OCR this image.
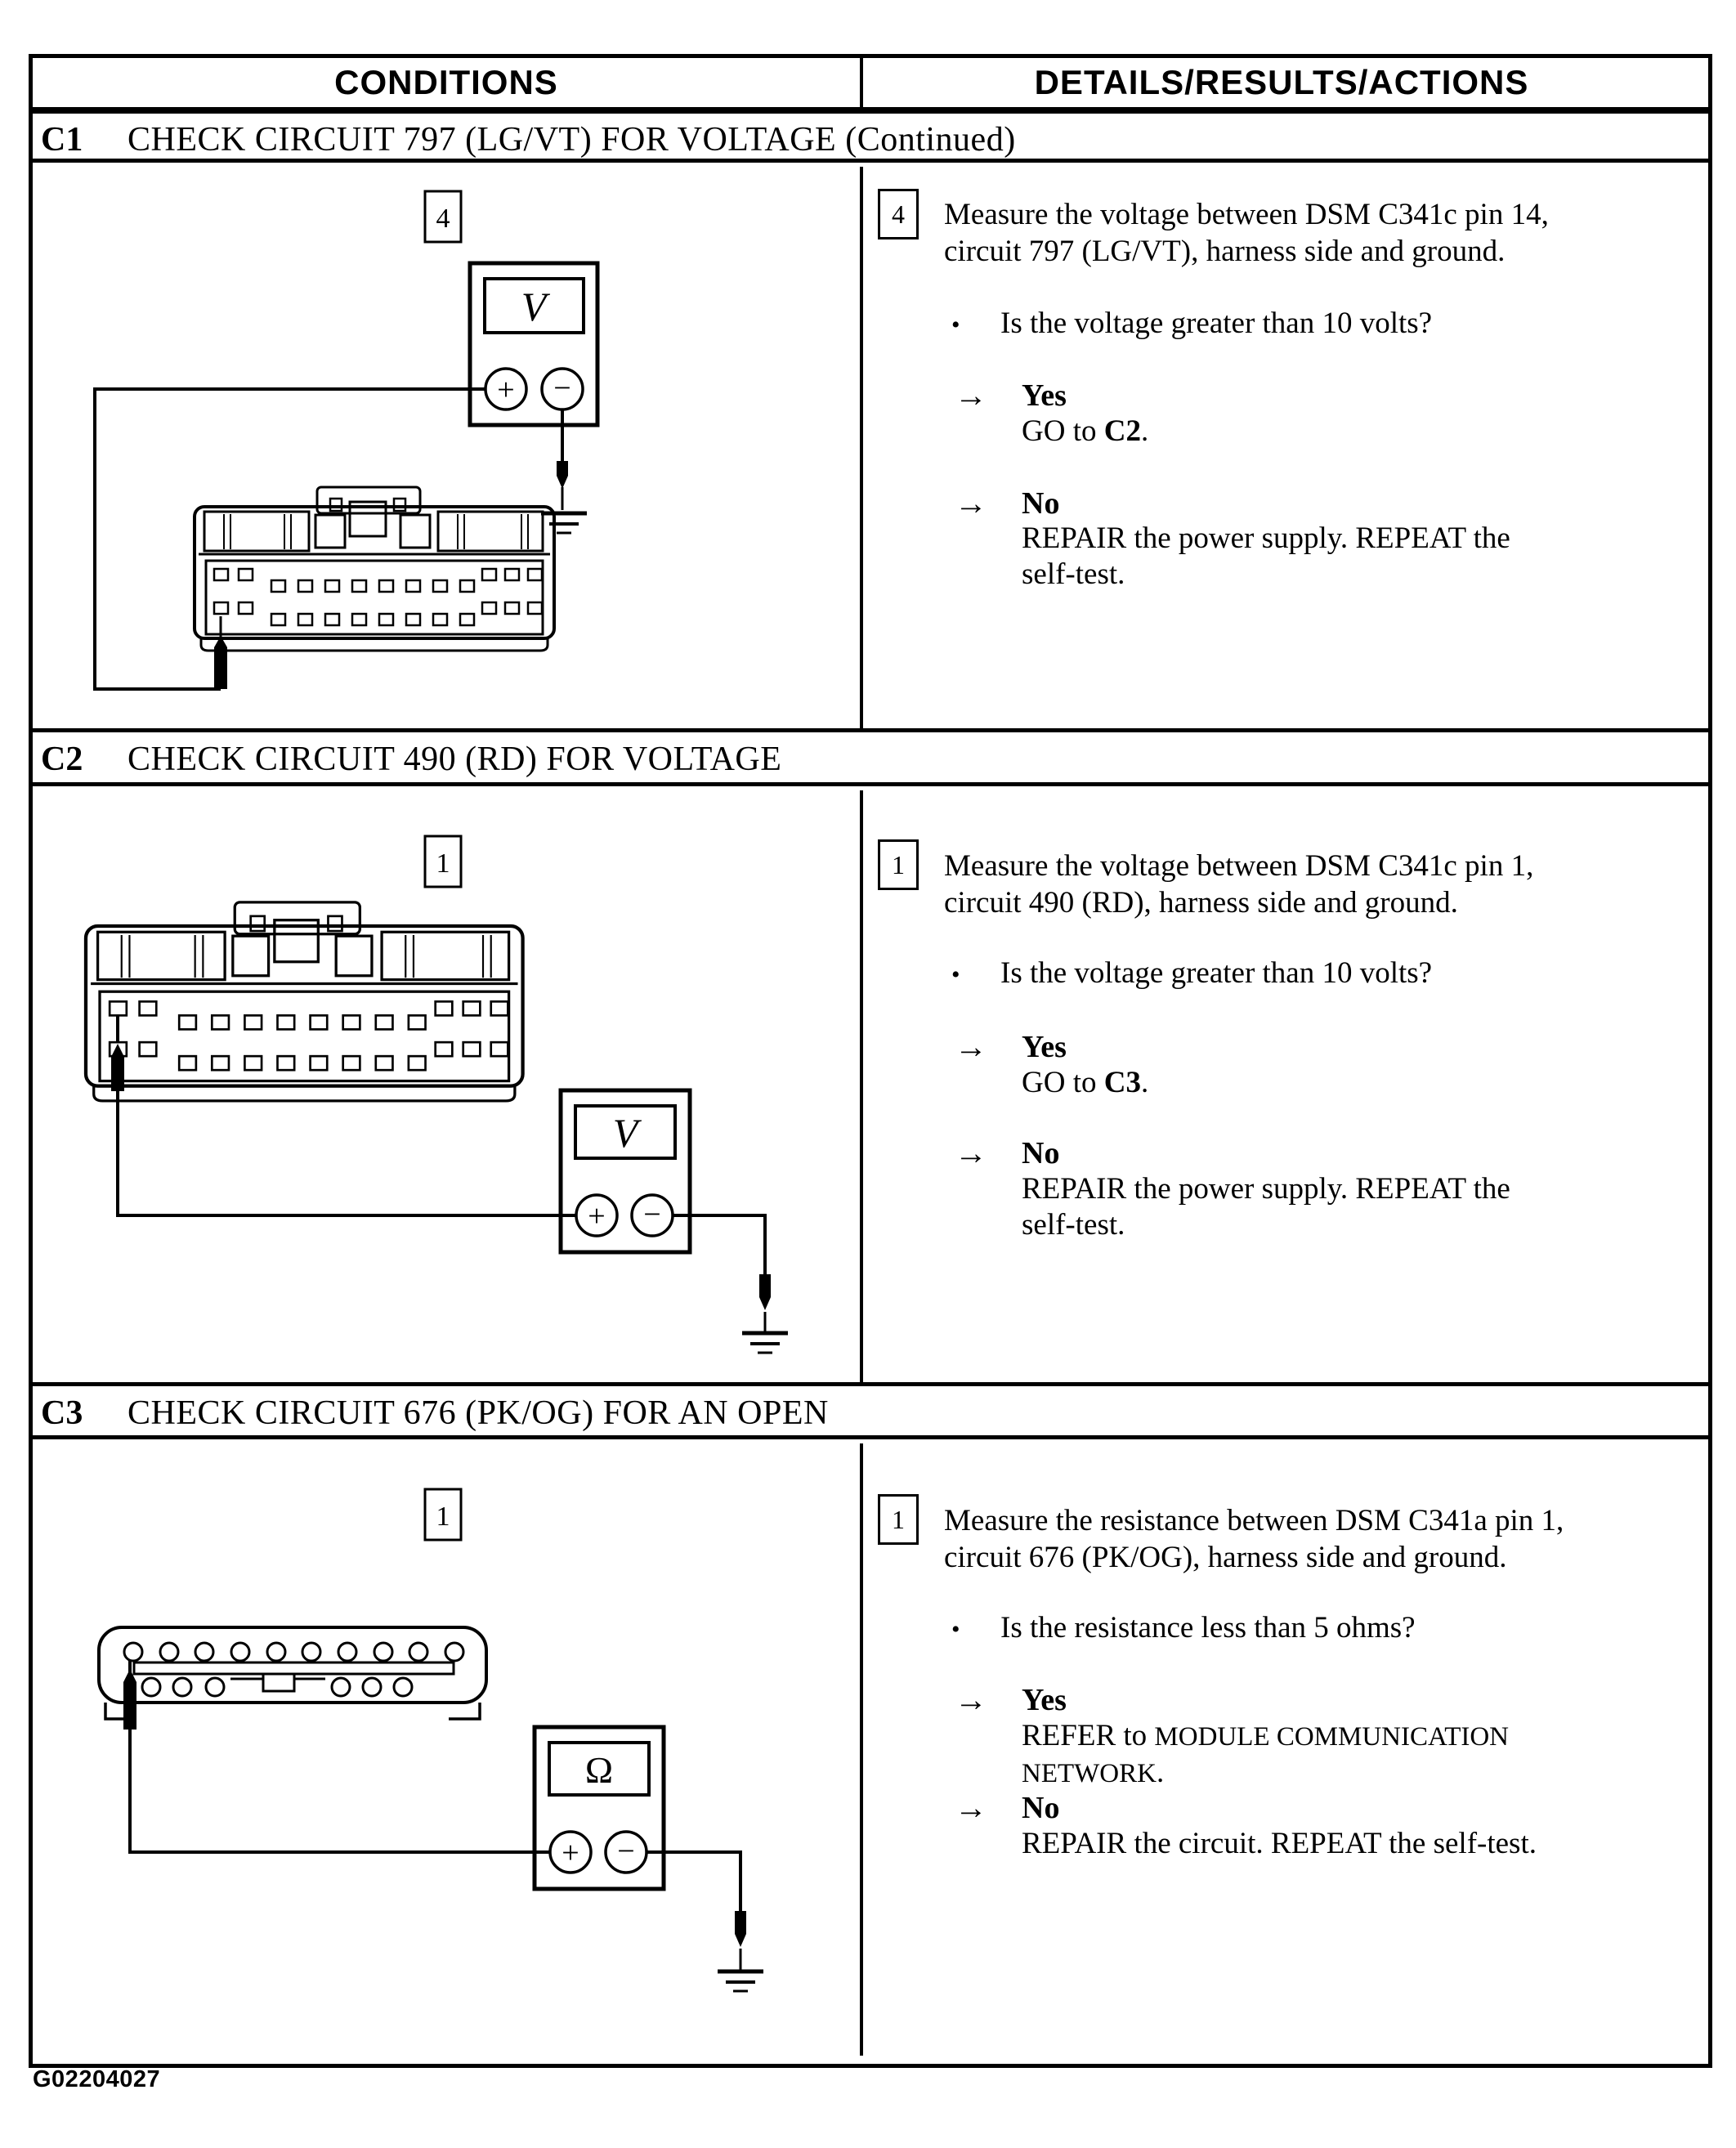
CONDITIONS	DETAILS/RESULTS/ACTIONS
C1	CHECK CIRCUIT 797 (LG/VT) FOR VOLTAGE (Continued)
4
V
+ −
4	Measure the voltage between DSM C341c pin 14,
circuit 797 (LG/VT), harness side and ground.
• Is the voltage greater than 10 volts?
→ Yes
GO to C2.
→ No
REPAIR the power supply. REPEAT the
self-test.
C2	CHECK CIRCUIT 490 (RD) FOR VOLTAGE
1
V
+ −
1	Measure the voltage between DSM C341c pin 1,
circuit 490 (RD), harness side and ground.
• Is the voltage greater than 10 volts?
→ Yes
GO to C3.
→ No
REPAIR the power supply. REPEAT the
self-test.
C3	CHECK CIRCUIT 676 (PK/OG) FOR AN OPEN
1
Ω
+ −
1	Measure the resistance between DSM C341a pin 1,
circuit 676 (PK/OG), harness side and ground.
• Is the resistance less than 5 ohms?
→ Yes
REFER to MODULE COMMUNICATION
NETWORK.
→ No
REPAIR the circuit. REPEAT the self-test.
G02204027
